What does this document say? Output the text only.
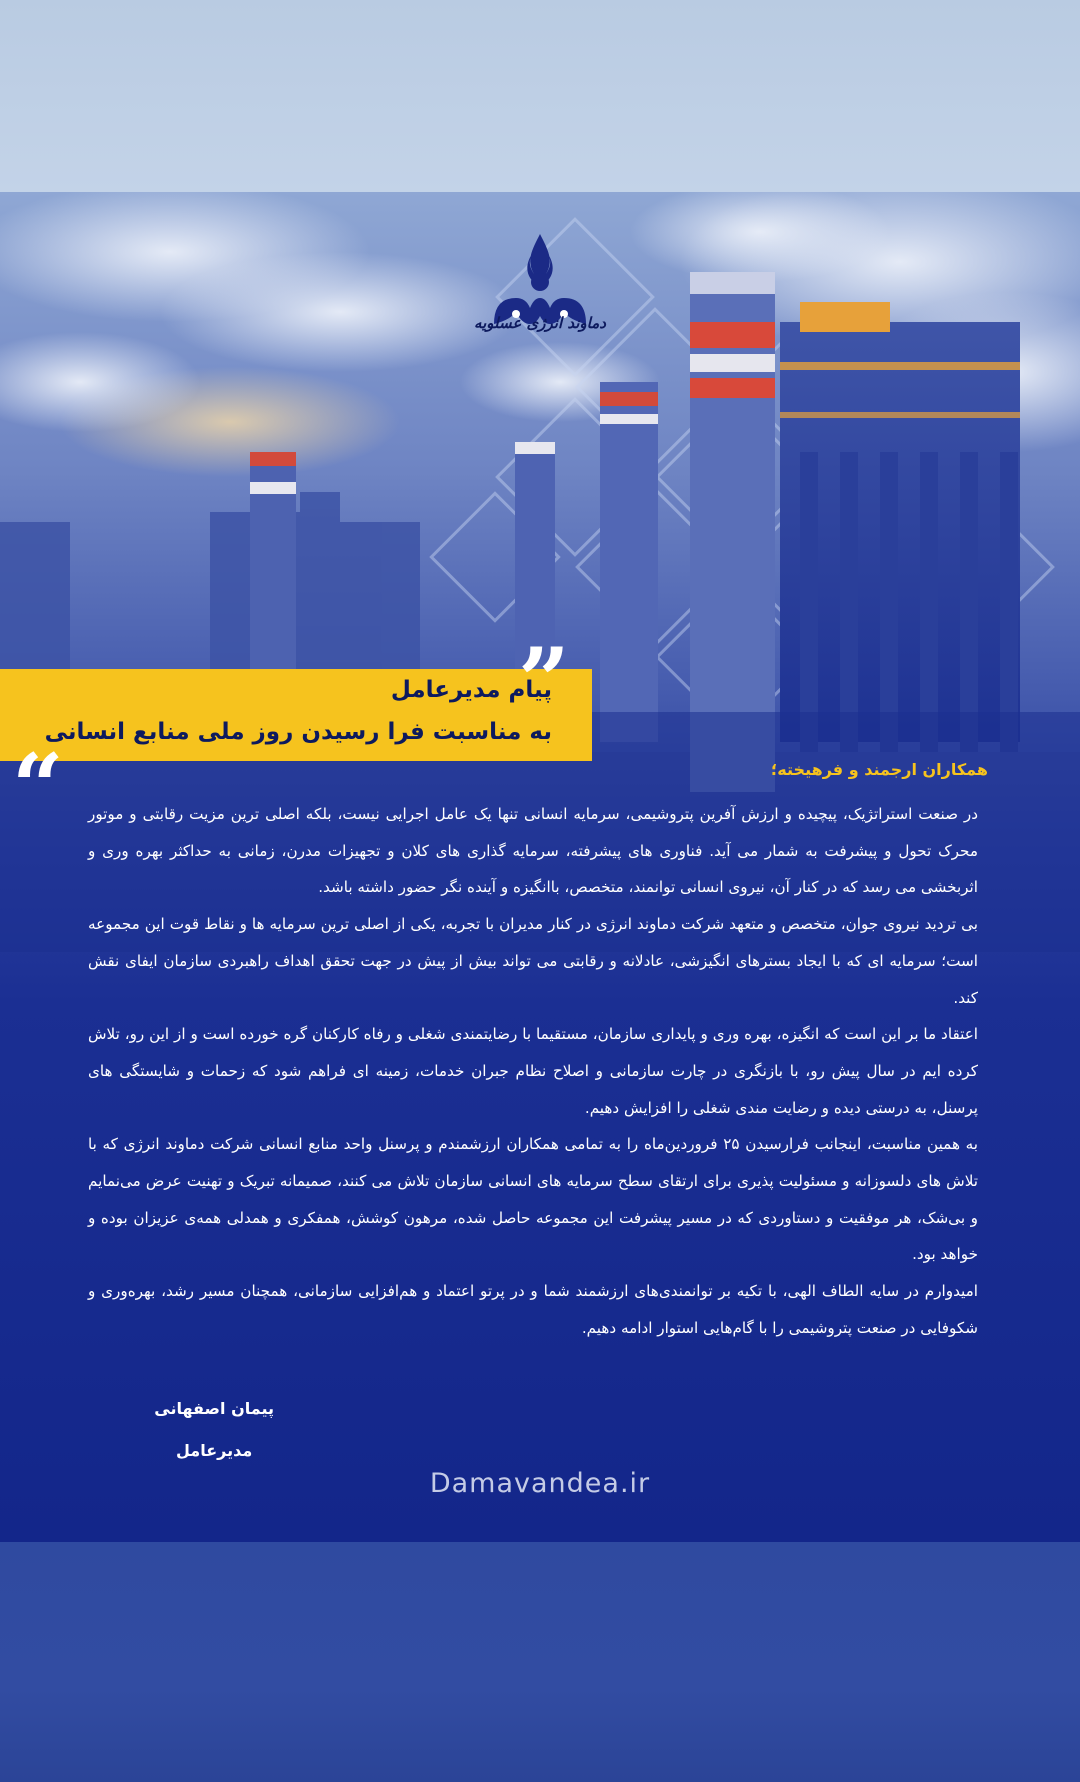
دماوند انرژی عسلویه
پیام مدیرعامل
به مناسبت فرا رسیدن روز ملی منابع انسانی
”
“	همکاران ارجمند و فرهیخته؛

در صنعت استراتژیک، پیچیده و ارزش آفرین پتروشیمی، سرمایه انسانی تنها یک عامل اجرایی نیست، بلکه اصلی ترین مزیت رقابتی و موتور محرک تحول و پیشرفت به شمار می آید. فناوری های پیشرفته، سرمایه گذاری های کلان و تجهیزات مدرن، زمانی به حداکثر بهره وری و اثربخشی می رسد که در کنار آن، نیروی انسانی توانمند، متخصص، باانگیزه و آینده نگر حضور داشته باشد.

بی تردید نیروی جوان، متخصص و متعهد شرکت دماوند انرژی در کنار مدیران با تجربه، یکی از اصلی ترین سرمایه ها و نقاط قوت این مجموعه است؛ سرمایه ای که با ایجاد بسترهای انگیزشی، عادلانه و رقابتی می تواند بیش از پیش در جهت تحقق اهداف راهبردی سازمان ایفای نقش کند.

اعتقاد ما بر این است که انگیزه، بهره وری و پایداری سازمان، مستقیما با رضایتمندی شغلی و رفاه کارکنان گره خورده است و از این رو، تلاش کرده ایم در سال پیش رو، با بازنگری در چارت سازمانی و اصلاح نظام جبران خدمات، زمینه ای فراهم شود که زحمات و شایستگی های پرسنل، به درستی دیده و رضایت مندی شغلی را افزایش دهیم.

به همین مناسبت، اینجانب فرارسیدن ۲۵ فروردین‌ماه را به تمامی همکاران ارزشمندم و پرسنل واحد منابع انسانی شرکت دماوند انرژی که با تلاش های دلسوزانه و مسئولیت پذیری برای ارتقای سطح سرمایه های انسانی سازمان تلاش می کنند، صمیمانه تبریک و تهنیت عرض می‌نمایم و بی‌شک، هر موفقیت و دستاوردی که در مسیر پیشرفت این مجموعه حاصل شده، مرهون کوشش، همفکری و همدلی همه‌ی عزیزان بوده و خواهد بود.

امیدوارم در سایه الطاف الهی، با تکیه بر توانمندی‌های ارزشمند شما و در پرتو اعتماد و هم‌افزایی سازمانی، همچنان مسیر رشد، بهره‌وری و شکوفایی در صنعت پتروشیمی را با گام‌هایی استوار ادامه دهیم.

پیمان اصفهانی
مدیرعامل
Damavandea.ir
